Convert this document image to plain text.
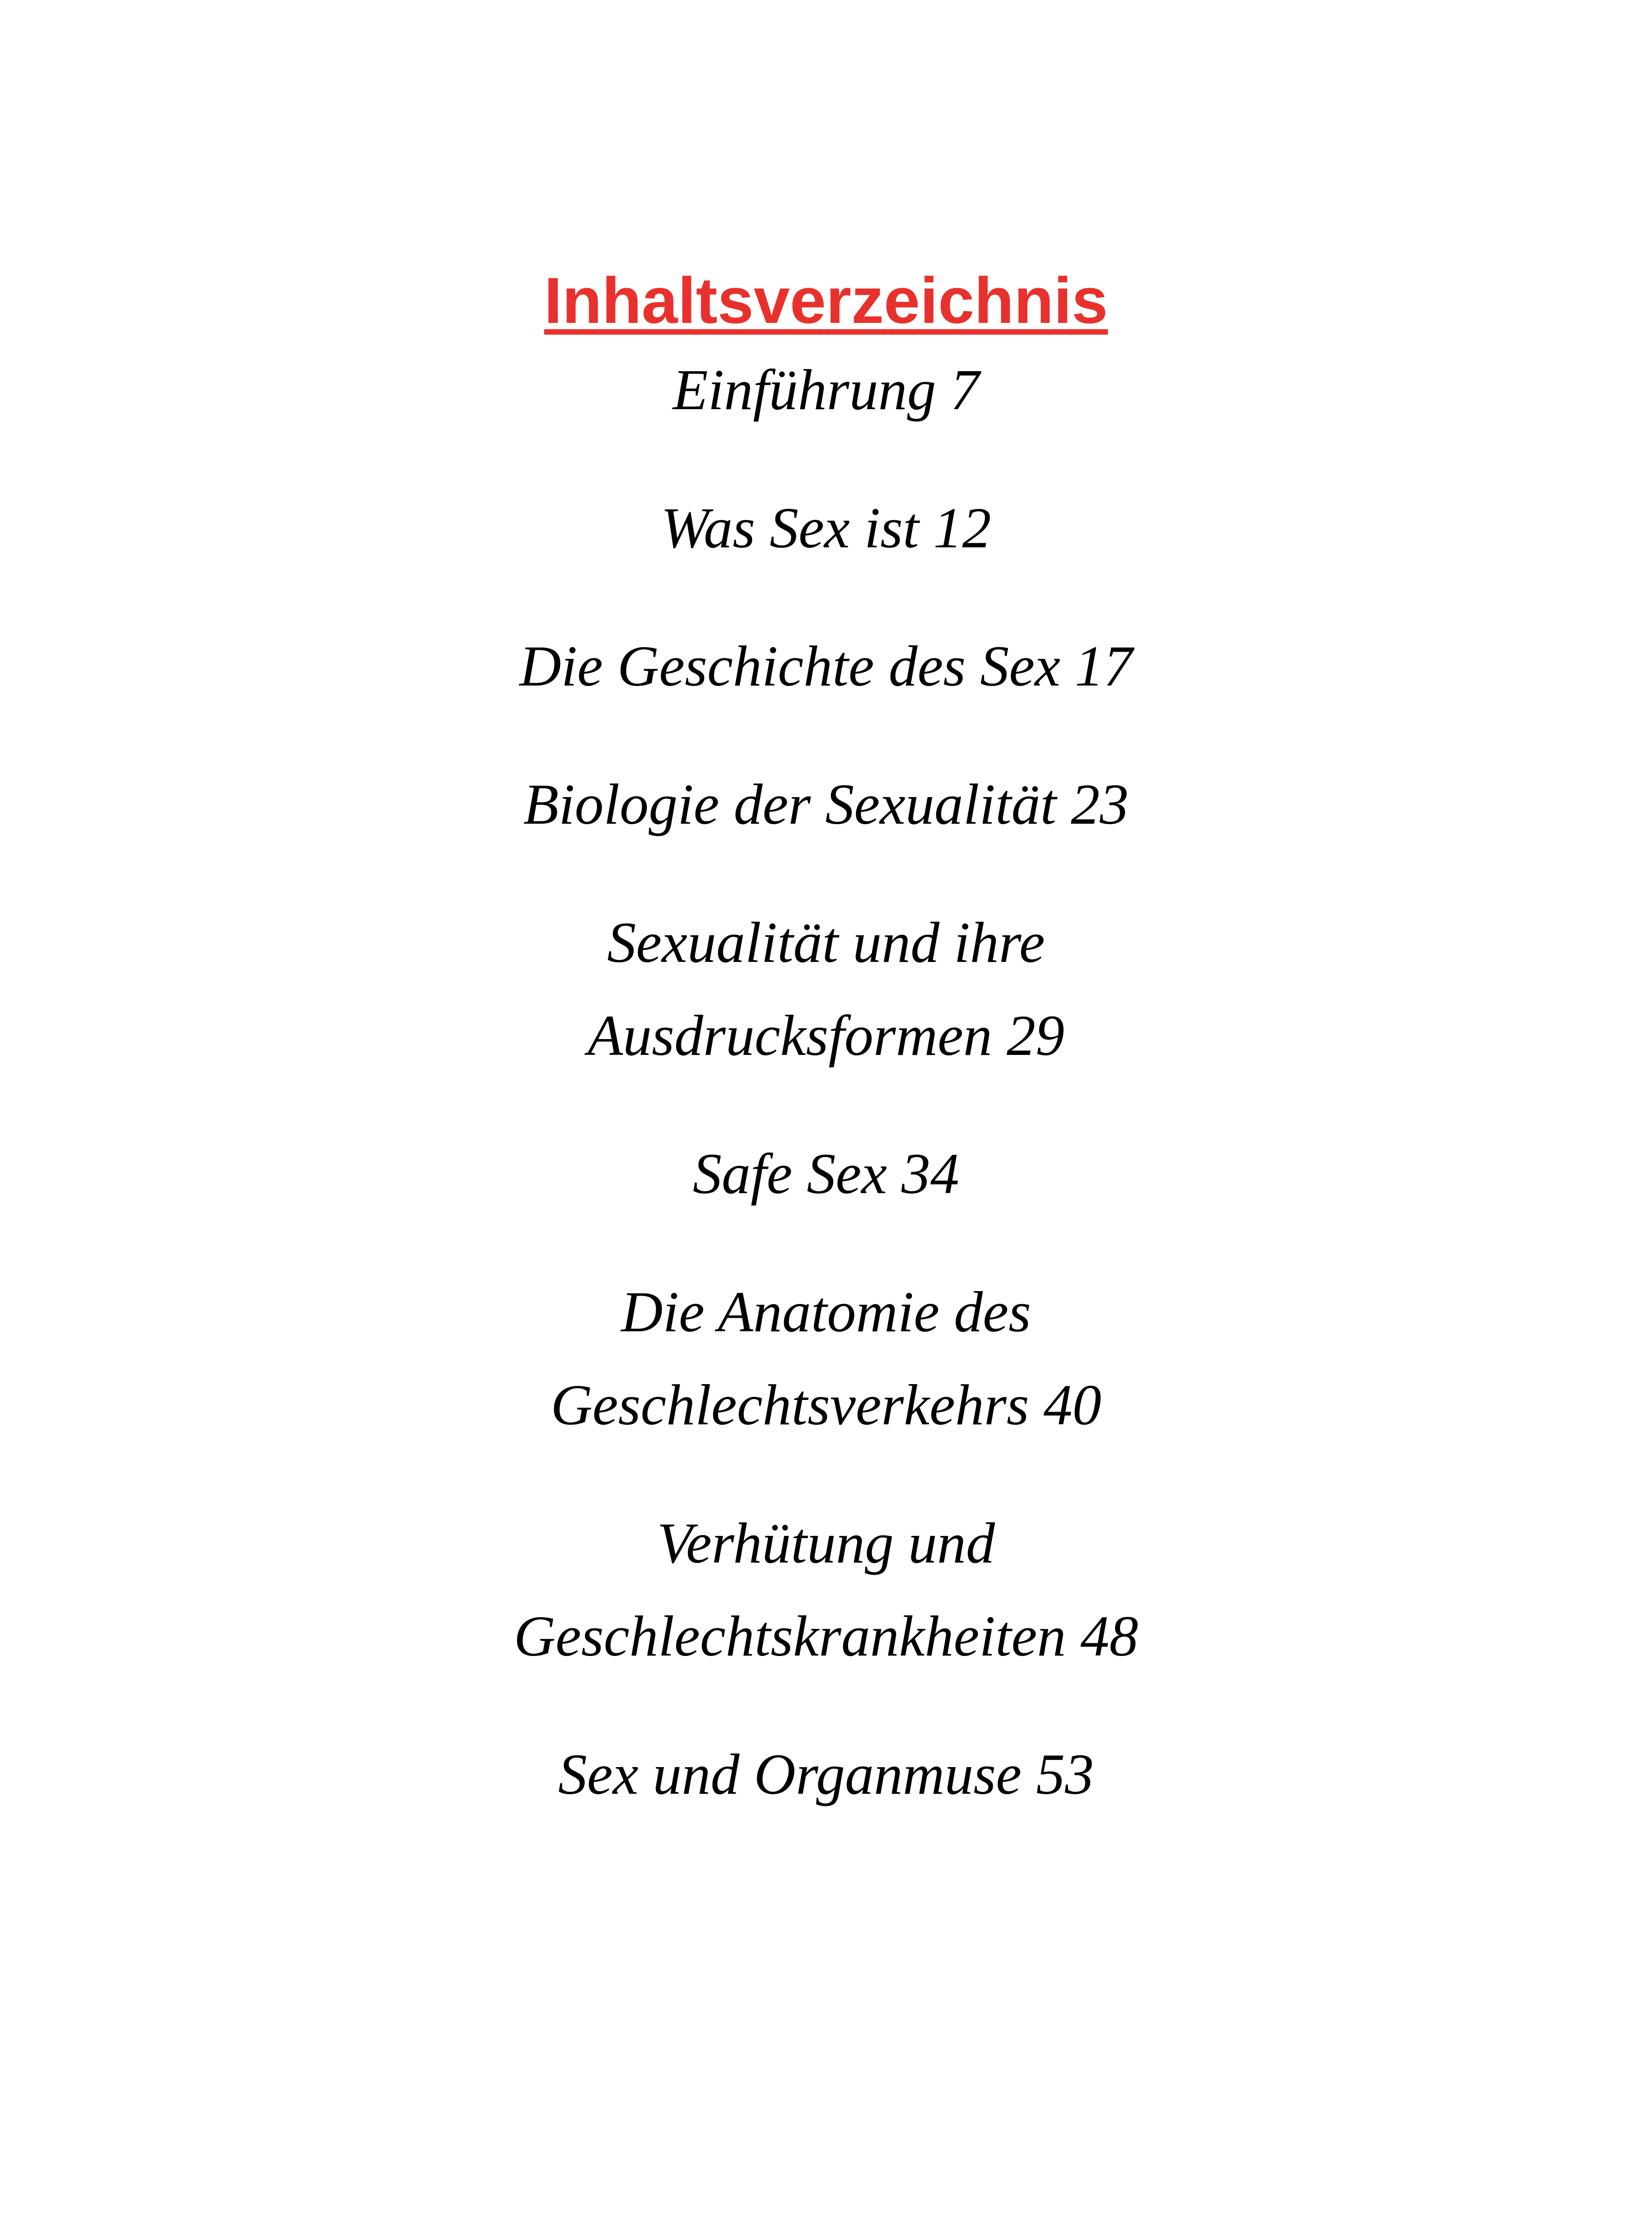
Inhaltsverzeichnis
Einführung 7
Was Sex ist 12
Die Geschichte des Sex 17
Biologie der Sexualität 23
Sexualität und ihre Ausdrucksformen 29
Safe Sex 34
Die Anatomie des Geschlechtsverkehrs 40
Verhütung und Geschlechtskrankheiten 48
Sex und Organmuse 53
